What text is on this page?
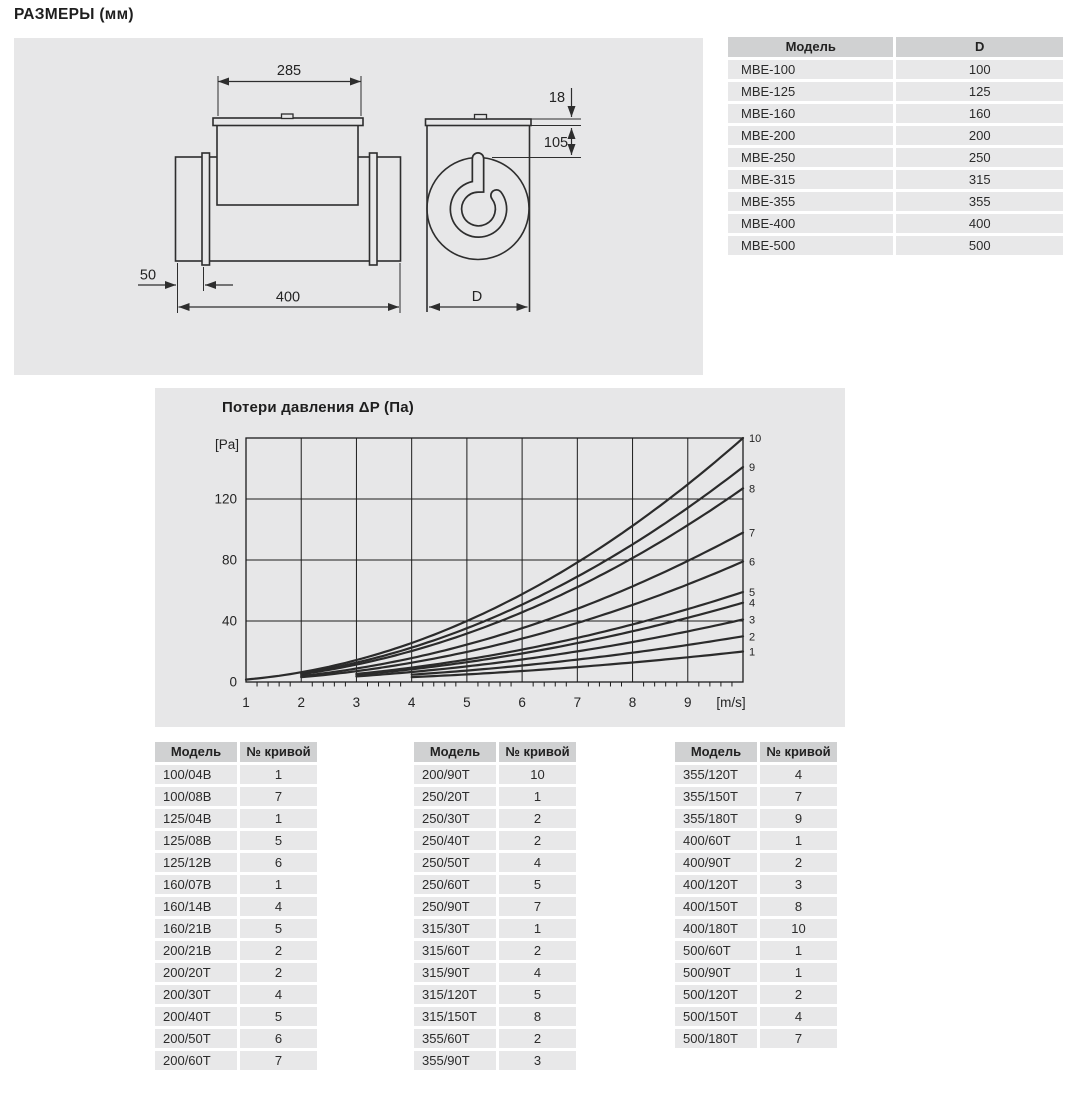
РАЗМЕРЫ (мм)
285
400
50
18
105
D
Модель	D
МВЕ-100	100
МВЕ-125	125
МВЕ-160	160
МВЕ-200	200
МВЕ-250	250
МВЕ-315	315
МВЕ-355	355
МВЕ-400	400
МВЕ-500	500
Потери давления ΔP (Па)
0
40
80
120
1	2	3	4	5	6	7	8	9
[Pa]
[m/s]
1
2
3
4
5
6
7
8
9
10
Модель	№ кривой
100/04В	1
100/08В	7
125/04В	1
125/08В	5
125/12В	6
160/07В	1
160/14В	4
160/21В	5
200/21В	2
200/20Т	2
200/30Т	4
200/40Т	5
200/50Т	6
200/60Т	7
Модель	№ кривой
200/90Т	10
250/20Т	1
250/30Т	2
250/40Т	2
250/50Т	4
250/60Т	5
250/90Т	7
315/30Т	1
315/60Т	2
315/90Т	4
315/120Т	5
315/150Т	8
355/60Т	2
355/90Т	3
Модель	№ кривой
355/120Т	4
355/150Т	7
355/180Т	9
400/60Т	1
400/90Т	2
400/120Т	3
400/150Т	8
400/180Т	10
500/60Т	1
500/90Т	1
500/120Т	2
500/150Т	4
500/180Т	7
